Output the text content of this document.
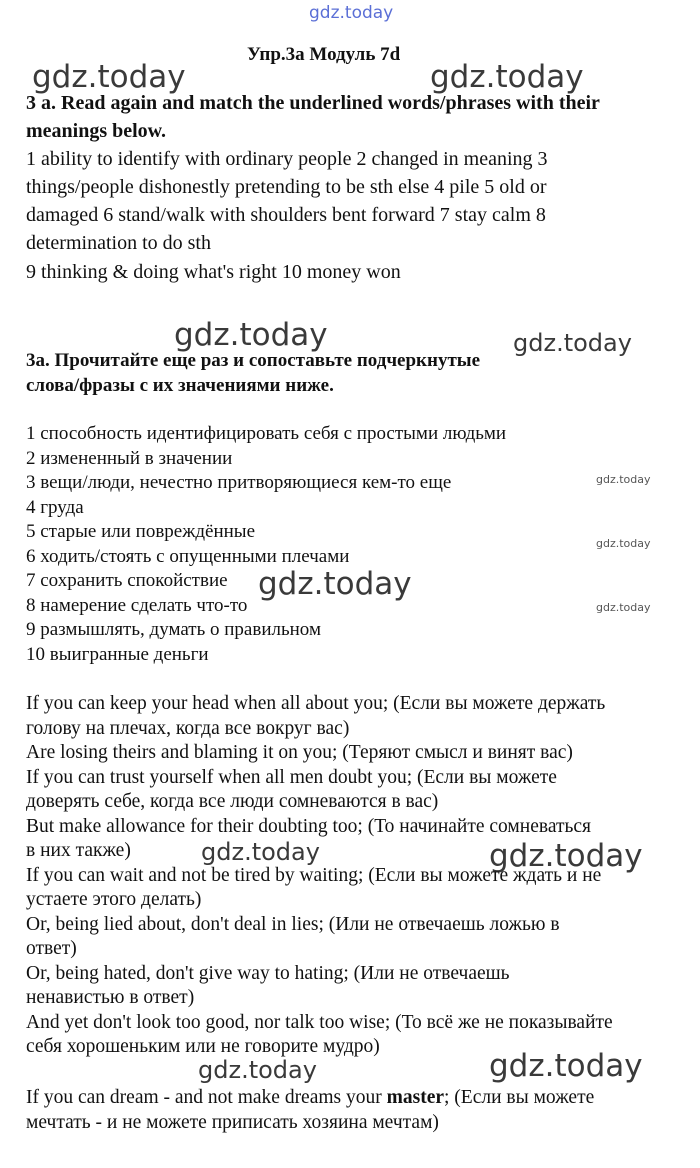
gdz.today
gdz.today	gdz.today
gdz.today	gdz.today
gdz.today
gdz.today
gdz.today
gdz.today
gdz.today	gdz.today
gdz.today	gdz.today
Упр.3a Модуль 7d
3 a. Read again and match the underlined words/phrases with their
meanings below.
1 ability to identify with ordinary people 2 changed in meaning 3
things/people dishonestly pretending to be sth else 4 pile 5 old or
damaged 6 stand/walk with shoulders bent forward 7 stay calm 8
determination to do sth
9 thinking & doing what's right 10 money won
3a. Прочитайте еще раз и сопоставьте подчеркнутые
слова/фразы с их значениями ниже.
1 способность идентифицировать себя с простыми людьми
2 измененный в значении
3 вещи/люди, нечестно притворяющиеся кем-то еще
4 груда
5 старые или повреждённые
6 ходить/стоять с опущенными плечами
7 сохранить спокойствие
8 намерение сделать что-то
9 размышлять, думать о правильном
10 выигранные деньги
If you can keep your head when all about you; (Если вы можете держать
голову на плечах, когда все вокруг вас)
Are losing theirs and blaming it on you; (Теряют смысл и винят вас)
If you can trust yourself when all men doubt you; (Если вы можете
доверять себе, когда все люди сомневаются в вас)
But make allowance for their doubting too; (То начинайте сомневаться
в них также)
If you can wait and not be tired by waiting; (Если вы можете ждать и не
устаете этого делать)
Or, being lied about, don't deal in lies; (Или не отвечаешь ложью в
ответ)
Or, being hated, don't give way to hating; (Или не отвечаешь
ненавистью в ответ)
And yet don't look too good, nor talk too wise; (То всё же не показывайте
себя хорошеньким или не говорите мудро)
If you can dream - and not make dreams your master; (Если вы можете
мечтать - и не можете приписать хозяина мечтам)
